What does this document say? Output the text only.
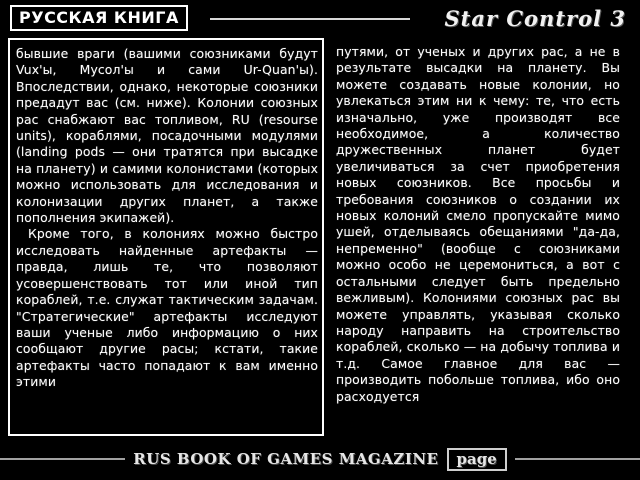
РУССКАЯ КНИГА	Star Control 3

бывшие враги (вашими союзниками будут Vux'ы, Мусол'ы и сами Ur-Quan'ы). Впоследствии, однако, некоторые союзники предадут вас (см. ниже). Колонии союзных рас снабжают вас топливом, RU (resourse units), кораблями, посадочными модулями (landing pods — они тратятся при высадке на планету) и самими колонистами (которых можно использовать для исследования и колонизации других планет, а также пополнения экипажей).

Кроме того, в колониях можно быстро исследовать найденные артефакты — правда, лишь те, что позволяют усовершенствовать тот или иной тип кораблей, т.е. служат тактическим задачам. "Стратегические" артефакты исследуют ваши ученые либо информацию о них сообщают другие расы; кстати, такие артефакты часто попадают к вам именно этими

путями, от ученых и других рас, а не в результате высадки на планету. Вы можете создавать новые колонии, но увлекаться этим ни к чему: те, что есть изначально, уже производят все необходимое, а количество дружественных планет будет увеличиваться за счет приобретения новых союзников. Все просьбы и требования союзников о создании их новых колоний смело пропускайте мимо ушей, отделываясь обещаниями "да-да, непременно" (вообще с союзниками можно особо не церемониться, а вот с остальными следует быть предельно вежливым). Колониями союзных рас вы можете управлять, указывая сколько народу направить на строительство кораблей, сколько — на добычу топлива и т.д. Самое главное для вас — производить побольше топлива, ибо оно расходуется

RUS BOOK OF GAMES MAGAZINE	page
